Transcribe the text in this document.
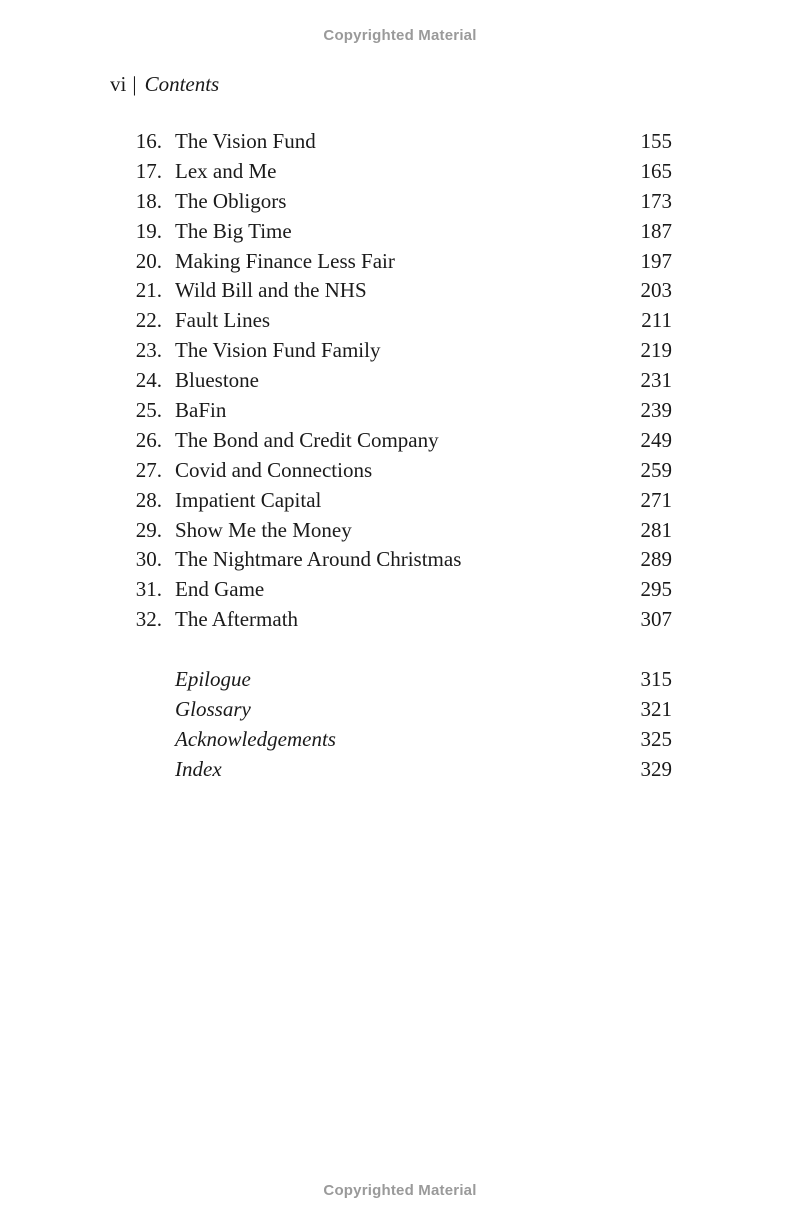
Copyrighted Material
vi | Contents
16. The Vision Fund	155
17. Lex and Me	165
18. The Obligors	173
19. The Big Time	187
20. Making Finance Less Fair	197
21. Wild Bill and the NHS	203
22. Fault Lines	211
23. The Vision Fund Family	219
24. Bluestone	231
25. BaFin	239
26. The Bond and Credit Company	249
27. Covid and Connections	259
28. Impatient Capital	271
29. Show Me the Money	281
30. The Nightmare Around Christmas	289
31. End Game	295
32. The Aftermath	307
Epilogue	315
Glossary	321
Acknowledgements	325
Index	329
Copyrighted Material
